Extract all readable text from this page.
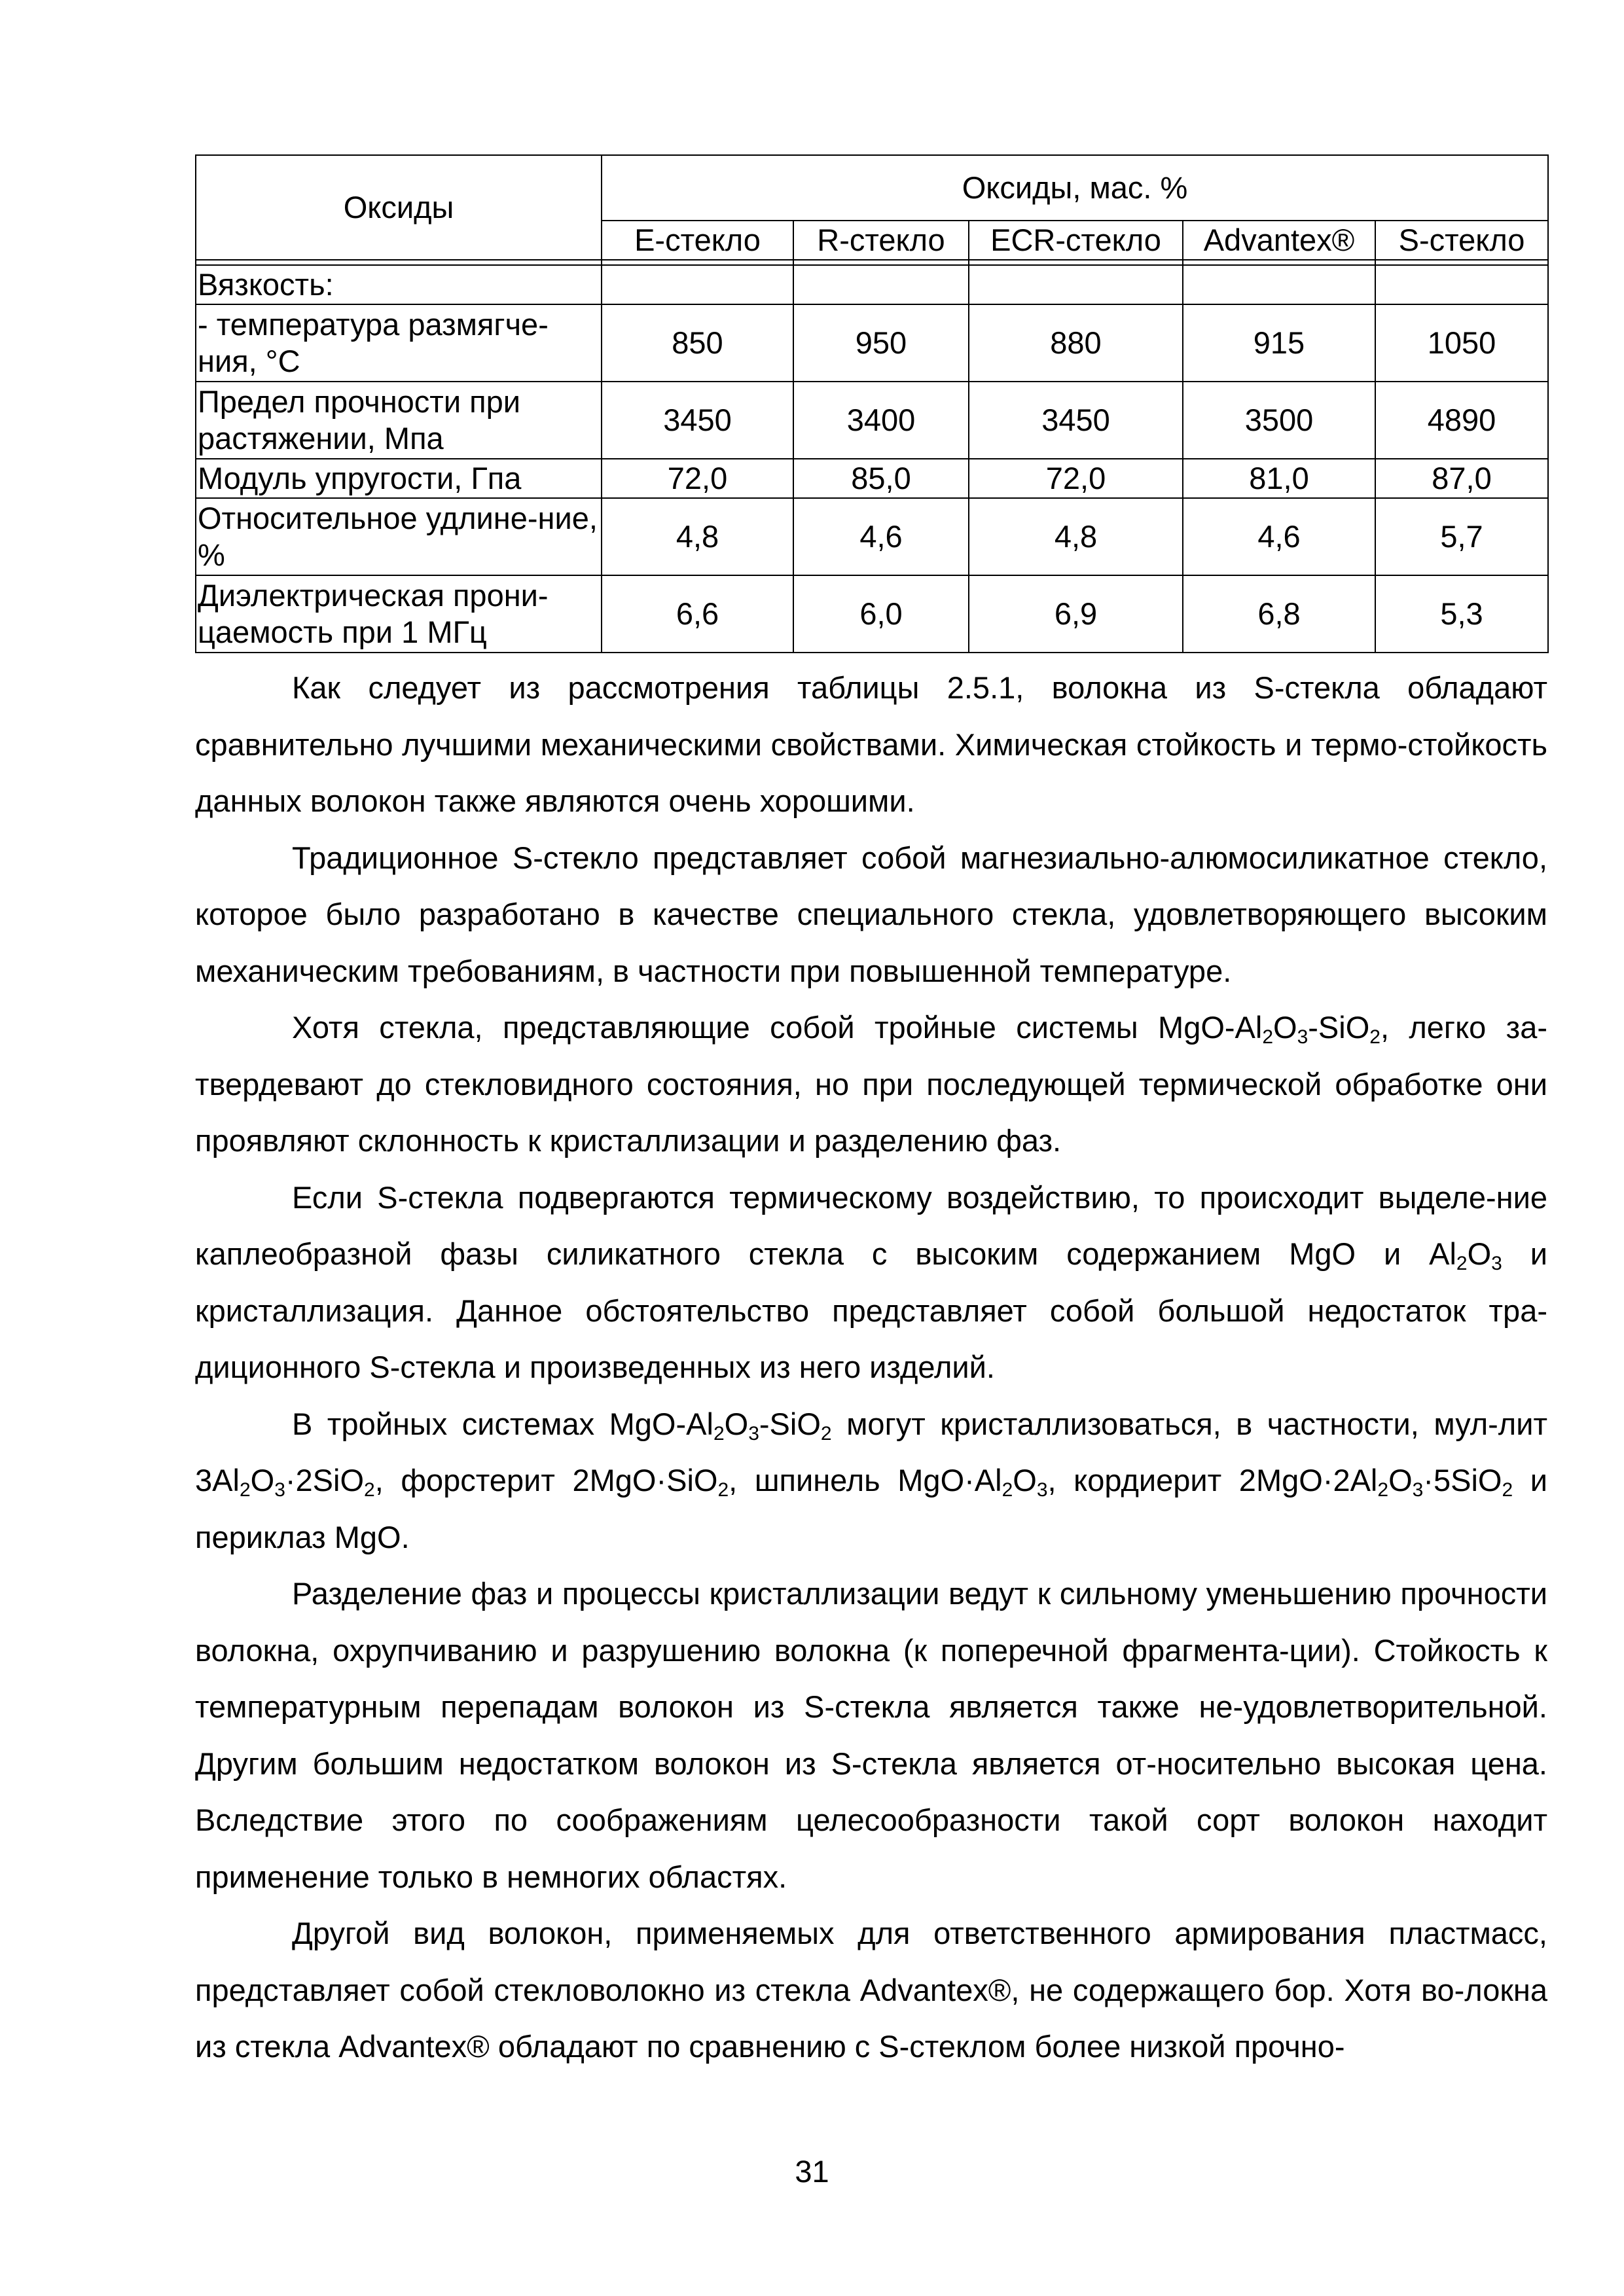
Оксиды	Оксиды, мас. %				
	E-стекло	R-стекло	ECR-стекло	Advantex®	S-стекло

Вязкость:					
- температура размягче-ния, °C	850	950	880	915	1050
Предел прочности при растяжении, Мпа	3450	3400	3450	3500	4890
Модуль упругости, Гпа	72,0	85,0	72,0	81,0	87,0
Относительное удлине-ние, %	4,8	4,6	4,8	4,6	5,7
Диэлектрическая прони-цаемость при 1 МГц	6,6	6,0	6,9	6,8	5,3

Как следует из рассмотрения таблицы 2.5.1, волокна из S-стекла обладают сравнительно лучшими механическими свойствами. Химическая стойкость и термо-стойкость данных волокон также являются очень хорошими.

Традиционное S-стекло представляет собой магнезиально-алюмосиликатное стекло, которое было разработано в качестве специального стекла, удовлетворяющего высоким механическим требованиям, в частности при повышенной температуре.

Хотя стекла, представляющие собой тройные системы MgO-$Al_2O_3-SiO_2$, легко за-твердевают до стекловидного состояния, но при последующей термической обработке они проявляют склонность к кристаллизации и разделению фаз.

Если S-стекла подвергаются термическому воздействию, то происходит выделе-ние каплеобразной фазы силикатного стекла с высоким содержанием MgO и $Al_2O_3$ и кристаллизация. Данное обстоятельство представляет собой большой недостаток тра-диционного S-стекла и произведенных из него изделий.

В тройных системах MgO-$Al_2O_3-SiO_2$ могут кристаллизоваться, в частности, мул-лит $3Al_2O_3\cdot 2SiO_2$, форстерит 2MgO·SiO$_2$, шпинель $MgO\cdot Al_2O_3$, кордиерит $2MgO\cdot 2Al_2O_3\cdot 5SiO_2$ и периклаз MgO.

Разделение фаз и процессы кристаллизации ведут к сильному уменьшению прочности волокна, охрупчиванию и разрушению волокна (к поперечной фрагмента-ции). Стойкость к температурным перепадам волокон из S-стекла является также не-удовлетворительной. Другим большим недостатком волокон из S-стекла является от-носительно высокая цена. Вследствие этого по соображениям целесообразности такой сорт волокон находит применение только в немногих областях.

Другой вид волокон, применяемых для ответственного армирования пластмасс, представляет собой стекловолокно из стекла Advantex®, не содержащего бор. Хотя во-локна из стекла Advantex® обладают по сравнению с S-стеклом более низкой прочно-

31
